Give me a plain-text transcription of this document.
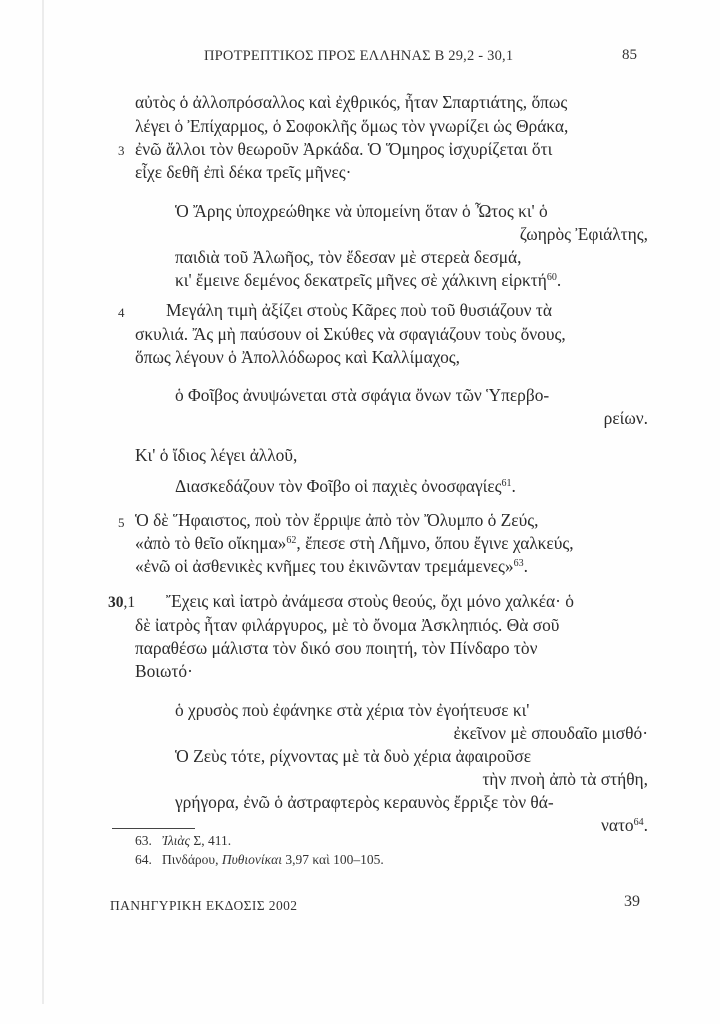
ΠΡΟΤΡΕΠΤΙΚΟΣ ΠΡΟΣ ΕΛΛΗΝΑΣ Β 29,2 - 30,1	85
αὐτὸς ὁ ἀλλοπρόσαλλος καὶ ἐχθρικός, ἦταν Σπαρτιάτης, ὅπως
λέγει ὁ Ἐπίχαρμος, ὁ Σοφοκλῆς ὅμως τὸν γνωρίζει ὡς Θράκα,
3 ἐνῶ ἄλλοι τὸν θεωροῦν Ἀρκάδα. Ὁ Ὅμηρος ἰσχυρίζεται ὅτι
εἶχε δεθῆ ἐπὶ δέκα τρεῖς μῆνες·
Ὁ Ἄρης ὑποχρεώθηκε νὰ ὑπομείνη ὅταν ὁ Ὦτος κι' ὁ
ζωηρὸς Ἐφιάλτης,
παιδιὰ τοῦ Ἀλωῆος, τὸν ἔδεσαν μὲ στερεὰ δεσμά,
κι' ἔμεινε δεμένος δεκατρεῖς μῆνες σὲ χάλκινη εἱρκτή$^{60}$.
4 Μεγάλη τιμὴ ἀξίζει στοὺς Κᾶρες ποὺ τοῦ θυσιάζουν τὰ
σκυλιά. Ἄς μὴ παύσουν οἱ Σκύθες νὰ σφαγιάζουν τοὺς ὄνους,
ὅπως λέγουν ὁ Ἀπολλόδωρος καὶ Καλλίμαχος,
ὁ Φοῖβος ἀνυψώνεται στὰ σφάγια ὄνων τῶν Ὑπερβο-
ρείων.
Κι' ὁ ἴδιος λέγει ἀλλοῦ,
Διασκεδάζουν τὸν Φοῖβο οἱ παχιὲς ὀνοσφαγίες$^{61}$.
5 Ὁ δὲ Ἥφαιστος, ποὺ τὸν ἔρριψε ἀπὸ τὸν Ὄλυμπο ὁ Ζεύς,
«ἀπὸ τὸ θεῖο οἴκημα»$^{62}$, ἔπεσε στὴ Λῆμνο, ὅπου ἔγινε χαλκεύς,
«ἐνῶ οἱ ἀσθενικὲς κνῆμες του ἐκινῶνταν τρεμάμενες»$^{63}$.
30,1 Ἔχεις καὶ ἰατρὸ ἀνάμεσα στοὺς θεούς, ὄχι μόνο χαλκέα· ὁ
δὲ ἰατρὸς ἦταν φιλάργυρος, μὲ τὸ ὄνομα Ἀσκληπιός. Θὰ σοῦ
παραθέσω μάλιστα τὸν δικό σου ποιητή, τὸν Πίνδαρο τὸν
Βοιωτό·
ὁ χρυσὸς ποὺ ἐφάνηκε στὰ χέρια τὸν ἐγοήτευσε κι'
ἐκεῖνον μὲ σπουδαῖο μισθό·
Ὁ Ζεὺς τότε, ρίχνοντας μὲ τὰ δυὸ χέρια ἀφαιροῦσε
τὴν πνοὴ ἀπὸ τὰ στήθη,
γρήγορα, ἐνῶ ὁ ἀστραφτερὸς κεραυνὸς ἔρριξε τὸν θά-
νατο$^{64}$.
63. Ἰλιὰς Σ, 411.
64. Πινδάρου, Πυθιονίκαι 3,97 καὶ 100–105.
ΠΑΝΗΓΥΡΙΚΗ ΕΚΔΟΣΙΣ 2002	39
